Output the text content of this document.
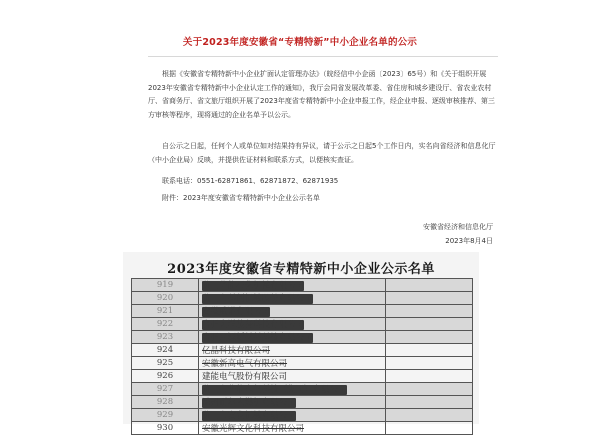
关于2023年度安徽省“专精特新”中小企业名单的公示

根据《安徽省专精特新中小企业扩面认定管理办法》（皖经信中小企函〔2023〕65号）和《关于组织开展2023年安徽省专精特新中小企业认定工作的通知》，我厅会同省发展改革委、省住房和城乡建设厅、省农业农村厅、省商务厅、省文旅厅组织开展了2023年度省专精特新中小企业申报工作，经企业申报、逐级审核推荐、第三方审核等程序，现将通过的企业名单予以公示。

自公示之日起，任何个人或单位如对结果持有异议，请于公示之日起5个工作日内，实名向省经济和信息化厅（中小企业局）反映，并提供佐证材料和联系方式，以便核实查证。

联系电话：0551-62871861、62871872、62871935

附件：2023年度安徽省专精特新中小企业公示名单

安徽省经济和信息化厅
2023年8月4日
2023年度安徽省专精特新中小企业公示名单
919	黄山华能石化机械有限公司	
920	黄山市科创机械股份有限公司	
921	安徽威诺有限公司	
922	合肥大洋装备科技有限公司	
923	合肥兴源新材料科技有限公司	
924	亿晶科技有限公司	
925	安徽新高电气有限公司	
926	建能电气股份有限公司	
927	黄山市华能电气科技（集团）有限公司	
928	滁州耐尔内燃机有限公司	
929	黄山市安发机械有限公司	
930	安徽光辉文化科技有限公司	
